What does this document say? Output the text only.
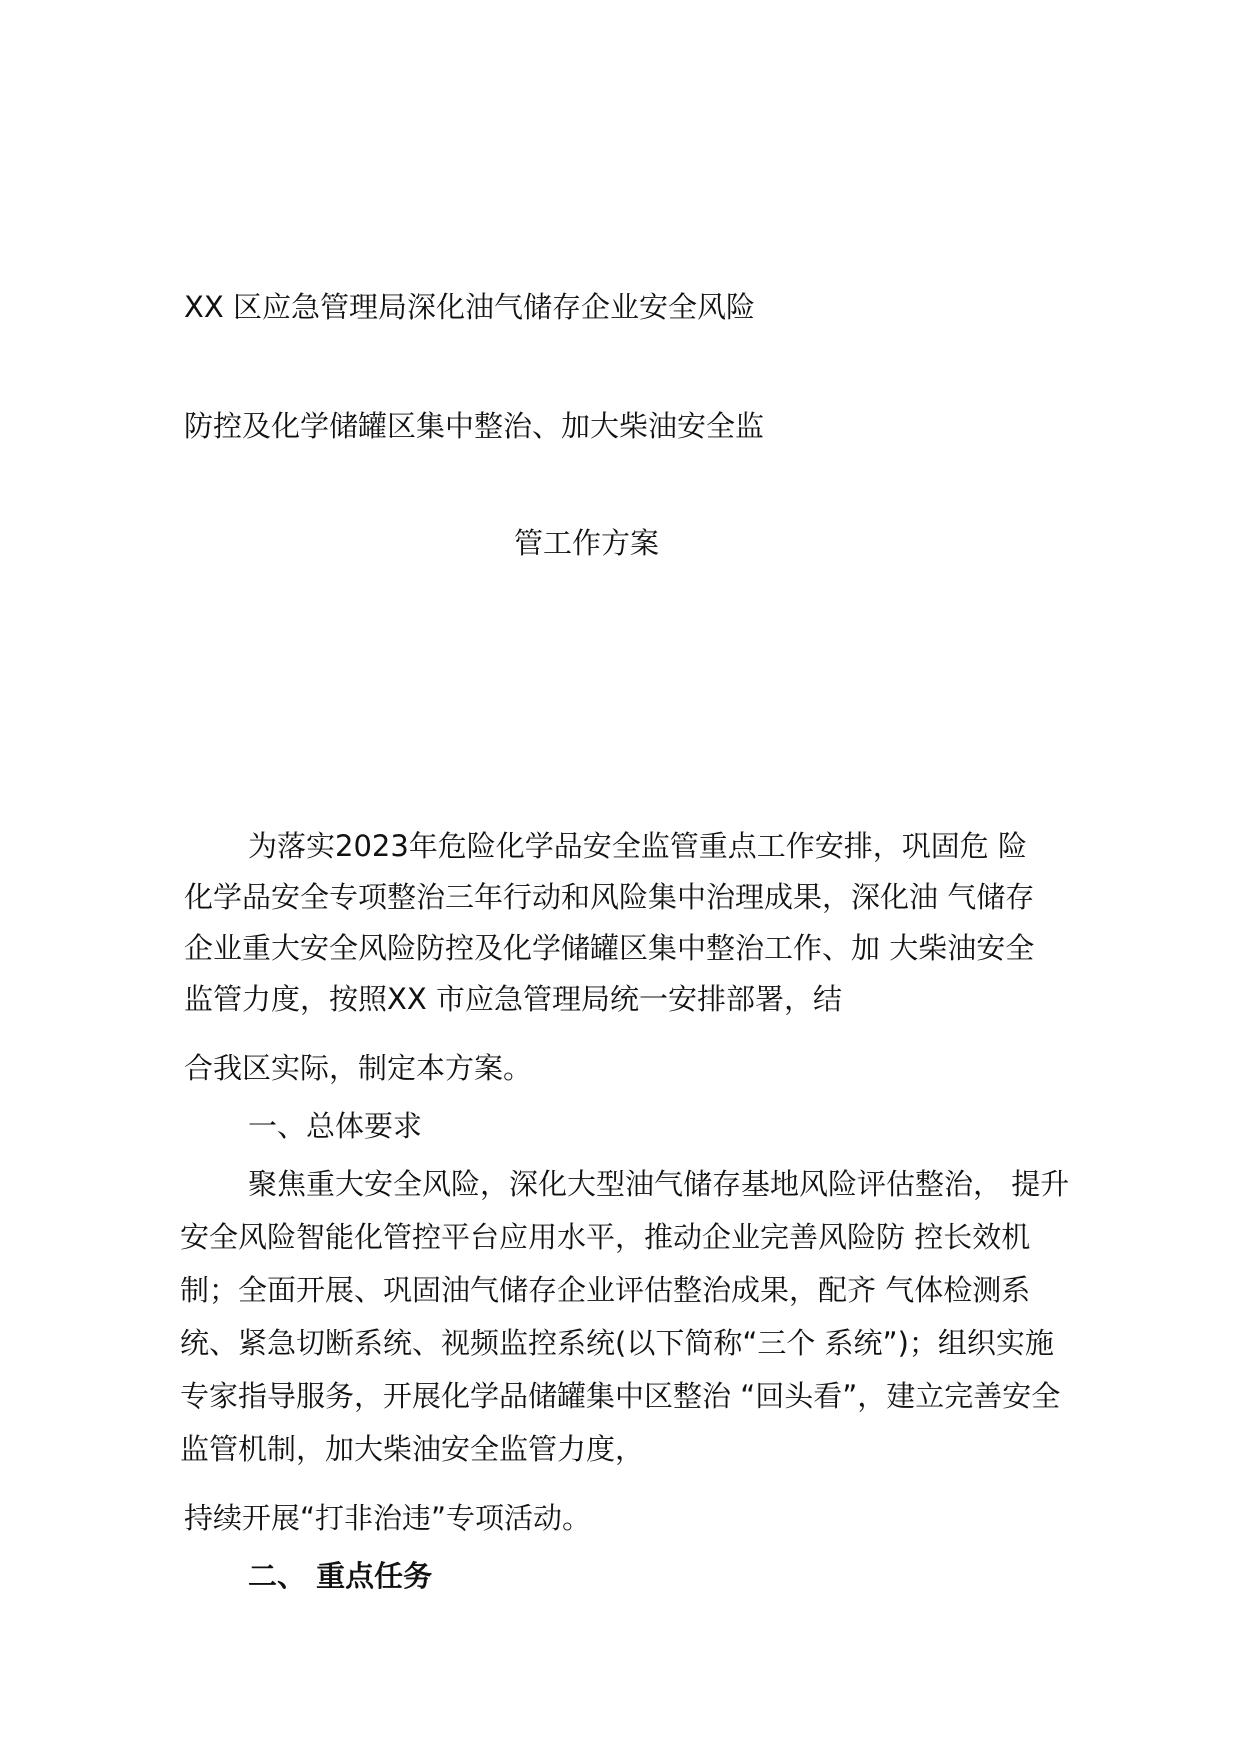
XX 区应急管理局深化油气储存企业安全风险
防控及化学储罐区集中整治、加大柴油安全监
管工作方案
为落实2023年危险化学品安全监管重点工作安排，巩固危 险
化学品安全专项整治三年行动和风险集中治理成果，深化油 气储存
企业重大安全风险防控及化学储罐区集中整治工作、加 大柴油安全
监管力度，按照XX 市应急管理局统一安排部署，结
合我区实际，制定本方案。
一、总体要求
聚焦重大安全风险，深化大型油气储存基地风险评估整治， 提升
安全风险智能化管控平台应用水平，推动企业完善风险防 控长效机
制；全面开展、巩固油气储存企业评估整治成果，配齐 气体检测系
统、紧急切断系统、视频监控系统(以下简称“三个 系统”)；组织实施
专家指导服务，开展化学品储罐集中区整治 “回头看”，建立完善安全
监管机制，加大柴油安全监管力度，
持续开展“打非治违”专项活动。
二、 重点任务
